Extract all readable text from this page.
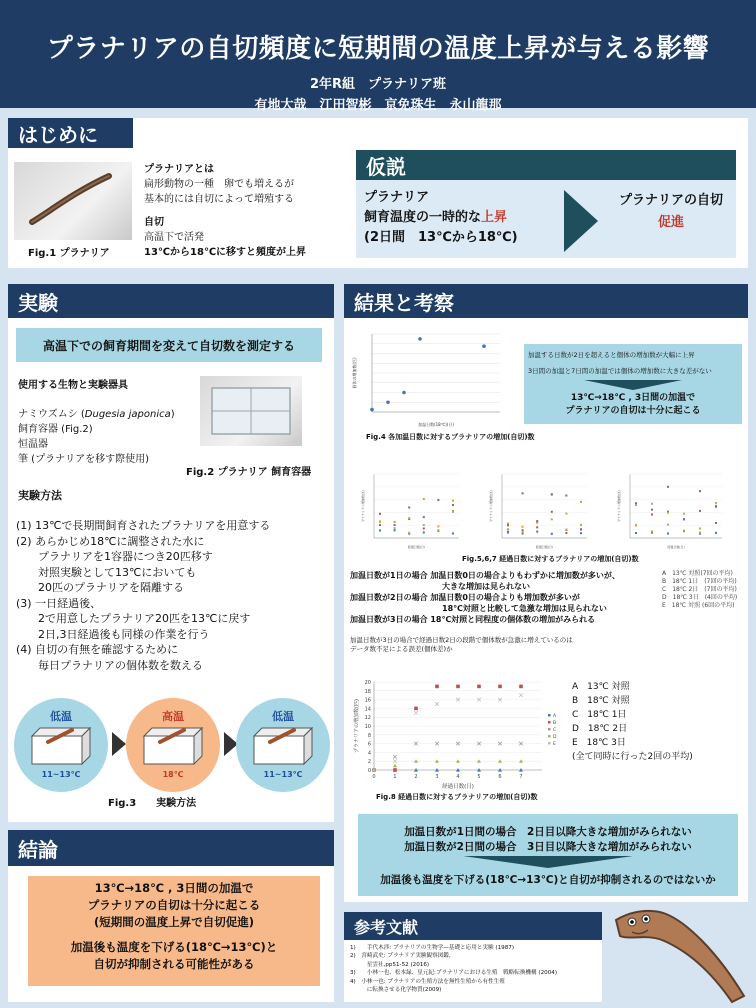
プラナリアの自切頻度に短期間の温度上昇が与える影響
2年R組　プラナリア班
有地大哉　江田智彬　京免珠生　永山龍那
はじめに
Fig.1 プラナリア
プラナリアとは
扁形動物の一種　卵でも増えるが
基本的には自切によって増殖する
自切
高温下で活発
13℃から18℃に移すと頻度が上昇
仮説
プラナリア
飼育温度の一時的な上昇
(2日間　13℃から18℃)
プラナリアの自切
促進
実験
高温下での飼育期間を変えて自切数を測定する
使用する生物と実験器具
ナミウズムシ (Dugesia japonica)
飼育容器 (Fig.2)
恒温器
筆 (プラナリアを移す際使用)
Fig.2 プラナリア 飼育容器
実験方法
(1) 13℃で長期間飼育されたプラナリアを用意する
(2) あらかじめ18℃に調整された水に
　　プラナリアを1容器につき20匹移す
　　対照実験として13℃においても
　　20匹のプラナリアを隔離する
(3) 一日経過後、
　　2で用意したプラナリア20匹を13℃に戻す
　　2日,3日経過後も同様の作業を行う
(4) 自切の有無を確認するために
　　毎日プラナリアの個体数を数える
低温
11~13℃
高温
18℃
低温
11~13℃
Fig.3　　実験方法
結論
13℃→18℃ , 3日間の加温で
プラナリアの自切は十分に起こる
(短期間の温度上昇で自切促進)
加温後も温度を下げる(18℃→13℃)と
自切が抑制される可能性がある
結果と考察
個体の増加数(匹)
加温日数(18℃)(日)
Fig.4 各加温日数に対するプラナリアの増加(自切)数
加温する日数が2日を超えると個体の増加数が大幅に上昇
3日間の加温と7日間の加温では個体の増加数に大きな差がない
13℃→18℃ , 3日間の加温で
プラナリアの自切は十分に起こる
プラナリアの増加数(匹)
経過日数(日)
プラナリアの増加数(匹)
経過日数(日)
プラナリアの増加数(匹)
経過日数(日)
Fig.5,6,7 経過日数に対するプラナリアの増加(自切)数
加温日数が1日の場合 加温日数0日の場合よりもわずかに増加数が多いが、
大きな増加は見られない
加温日数が2日の場合 加温日数0日の場合よりも増加数が多いが
18℃対照と比較して急激な増加は見られない
加温日数が3日の場合 18℃対照と同程度の個体数の増加がみられる
A　13℃ 対照(7回の平均)
B　18℃ 1日　(7回の平均)
C　18℃ 2日　(7回の平均)
D　18℃ 3日　(4回の平均)
E　18℃ 対照 (6回の平均)
加温日数が3日の場合で経過日数2日の段階で個体数が急激に増えているのは
データ数不足による誤差(個体差)か
0
2
4
6
8
10
12
14
16
18
20
0	1	2	3	4	5	6	7
A
B
C
D
E
プラナリアの増加数(匹)
経過日数(日)
A　13℃ 対照
B　18℃ 対照
C　18℃ 1日
D　18℃ 2日
E　18℃ 3日
(全て同時に行った2回の平均)
Fig.8 経過日数に対するプラナリアの増加(自切)数
加温日数が1日間の場合　2日目以降大きな増加がみられない
加温日数が2日間の場合　3日目以降大きな増加がみられない
加温後も温度を下げる(18℃→13℃)と自切が抑制されるのではないか
参考文献
1)　　手代木渉: プラナリアの生物学—基礎と応用と実験 (1987)
2)　宮崎武史: プラナリア実験観察図鑑,
　　　星雲社,pp51-52 (2016)
3)　　小林一也、松本緑、星元紀:プラナリアにおける生殖　戦略転換機構 (2004)
4)　小林一也: プラナリアの生殖方法を無性生殖から有性生殖
　　　に転換させる化学物質(2009)
